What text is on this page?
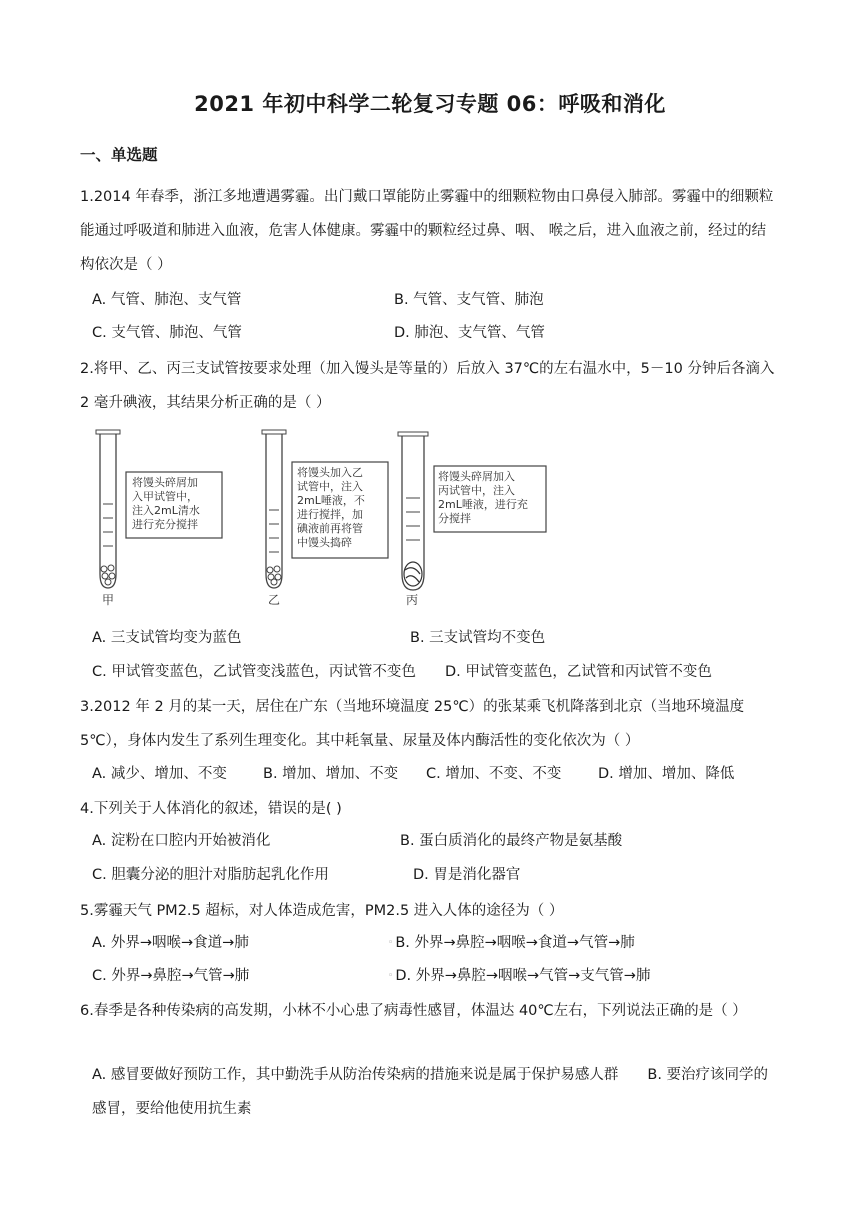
2021 年初中科学二轮复习专题 06：呼吸和消化
一、单选题
1.2014 年春季，浙江多地遭遇雾霾。出门戴口罩能防止雾霾中的细颗粒物由口鼻侵入肺部。雾霾中的细颗粒能通过呼吸道和肺进入血液，危害人体健康。雾霾中的颗粒经过鼻、咽、 喉之后，进入血液之前，经过的结构依次是（ ）
A. 气管、肺泡、支气管	B. 气管、支气管、肺泡
C. 支气管、肺泡、气管	D. 肺泡、支气管、气管
2.将甲、乙、丙三支试管按要求处理（加入馒头是等量的）后放入 37℃的左右温水中，5－10 分钟后各滴入 2 毫升碘液，其结果分析正确的是（ ）
将馒头碎屑加
入甲试管中，
注入2mL清水
进行充分搅拌
甲
将馒头加入乙
试管中，注入
2mL唾液，不
进行搅拌，加
碘液前再将管
中馒头捣碎
乙
将馒头碎屑加入
丙试管中，注入
2mL唾液，进行充
分搅拌
丙
A. 三支试管均变为蓝色	B. 三支试管均不变色
C. 甲试管变蓝色，乙试管变浅蓝色，丙试管不变色 D. 甲试管变蓝色，乙试管和丙试管不变色
3.2012 年 2 月的某一天，居住在广东（当地环境温度 25℃）的张某乘飞机降落到北京（当地环境温度 5℃），身体内发生了系列生理变化。其中耗氧量、尿量及体内酶活性的变化依次为（ ）
A. 减少、增加、不变 B. 增加、增加、不变 C. 增加、不变、不变	D. 增加、增加、降低
4.下列关于人体消化的叙述，错误的是( )
A. 淀粉在口腔内开始被消化	B. 蛋白质消化的最终产物是氨基酸
C. 胆囊分泌的胆汁对脂肪起乳化作用	D. 胃是消化器官
5.雾霾天气 PM2.5 超标，对人体造成危害，PM2.5 进入人体的途径为（ ）
A. 外界→咽喉→食道→肺	◦ B. 外界→鼻腔→咽喉→食道→气管→肺
C. 外界→鼻腔→气管→肺	◦ D. 外界→鼻腔→咽喉→气管→支气管→肺
6.春季是各种传染病的高发期，小林不小心患了病毒性感冒，体温达 40℃左右，下列说法正确的是（ ）
A. 感冒要做好预防工作，其中勤洗手从防治传染病的措施来说是属于保护易感人群　　B. 要治疗该同学的感冒，要给他使用抗生素
